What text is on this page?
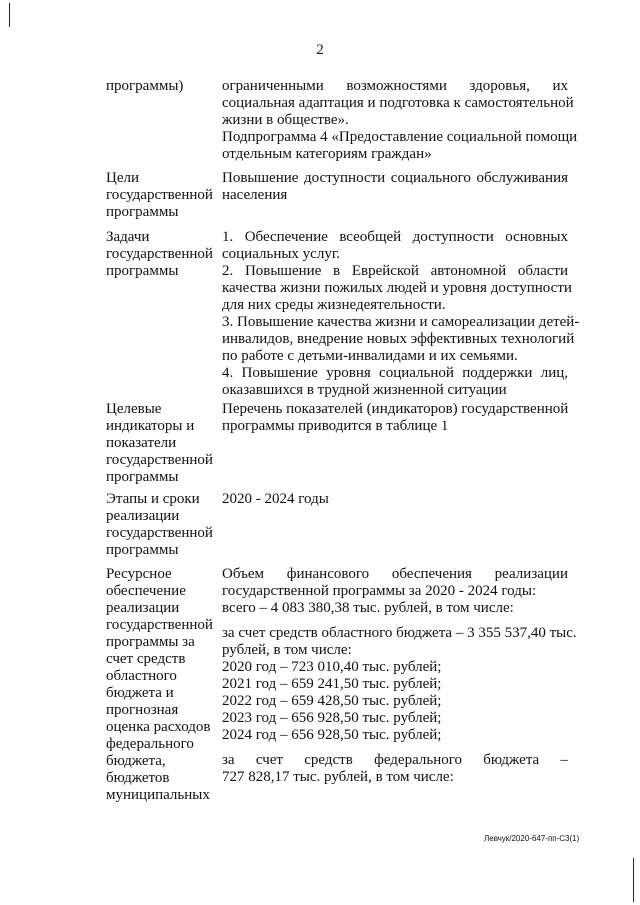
2
программы)	ограниченными возможностями здоровья, их
социальная адаптация и подготовка к самостоятельной
жизни в обществе».
Подпрограмма 4 «Предоставление социальной помощи
отдельным категориям граждан»
Цели
государственной
программы
Повышение доступности социального обслуживания
населения
Задачи
государственной
программы
1. Обеспечение всеобщей доступности основных
социальных услуг.
2. Повышение в Еврейской автономной области
качества жизни пожилых людей и уровня доступности
для них среды жизнедеятельности.
3. Повышение качества жизни и самореализации детей-
инвалидов, внедрение новых эффективных технологий
по работе с детьми-инвалидами и их семьями.
4. Повышение уровня социальной поддержки лиц,
оказавшихся в трудной жизненной ситуации
Целевые
индикаторы и
показатели
государственной
программы
Перечень показателей (индикаторов) государственной
программы приводится в таблице 1
Этапы и сроки
реализации
государственной
программы
2020 - 2024 годы
Ресурсное
обеспечение
реализации
государственной
программы за
счет средств
областного
бюджета и
прогнозная
оценка расходов
федерального
бюджета,
бюджетов
муниципальных
Объем финансового обеспечения реализации
государственной программы за 2020 - 2024 годы:
всего – 4 083 380,38 тыс. рублей, в том числе:
за счет средств областного бюджета – 3 355 537,40 тыс.
рублей, в том числе:
2020 год – 723 010,40 тыс. рублей;
2021 год – 659 241,50 тыс. рублей;
2022 год – 659 428,50 тыс. рублей;
2023 год – 656 928,50 тыс. рублей;
2024 год – 656 928,50 тыс. рублей;
за счет средств федерального бюджета –
727 828,17 тыс. рублей, в том числе:
Левчук/2020-647-пп-С3(1)
